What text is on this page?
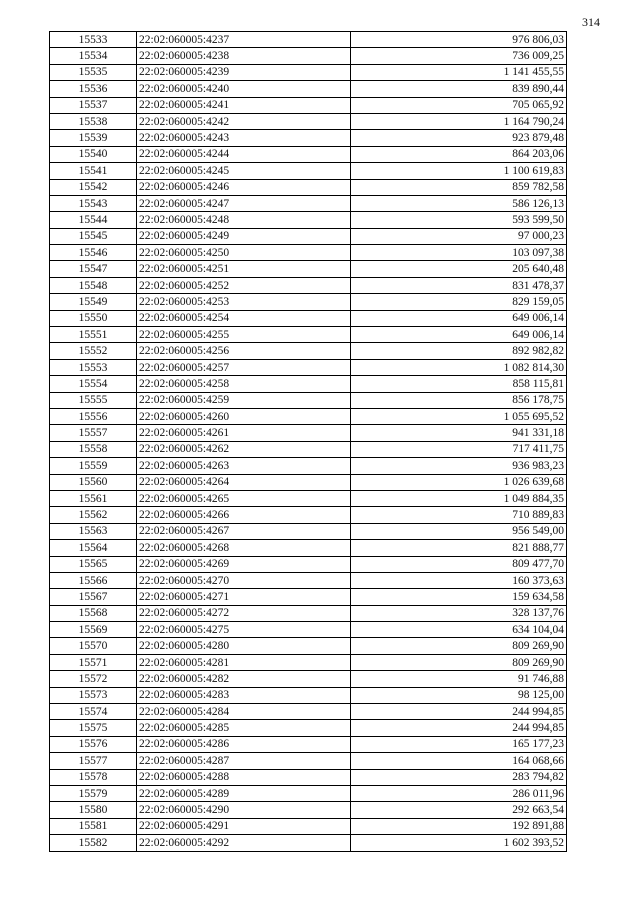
314
15533	22:02:060005:4237	976 806,03
15534	22:02:060005:4238	736 009,25
15535	22:02:060005:4239	1 141 455,55
15536	22:02:060005:4240	839 890,44
15537	22:02:060005:4241	705 065,92
15538	22:02:060005:4242	1 164 790,24
15539	22:02:060005:4243	923 879,48
15540	22:02:060005:4244	864 203,06
15541	22:02:060005:4245	1 100 619,83
15542	22:02:060005:4246	859 782,58
15543	22:02:060005:4247	586 126,13
15544	22:02:060005:4248	593 599,50
15545	22:02:060005:4249	97 000,23
15546	22:02:060005:4250	103 097,38
15547	22:02:060005:4251	205 640,48
15548	22:02:060005:4252	831 478,37
15549	22:02:060005:4253	829 159,05
15550	22:02:060005:4254	649 006,14
15551	22:02:060005:4255	649 006,14
15552	22:02:060005:4256	892 982,82
15553	22:02:060005:4257	1 082 814,30
15554	22:02:060005:4258	858 115,81
15555	22:02:060005:4259	856 178,75
15556	22:02:060005:4260	1 055 695,52
15557	22:02:060005:4261	941 331,18
15558	22:02:060005:4262	717 411,75
15559	22:02:060005:4263	936 983,23
15560	22:02:060005:4264	1 026 639,68
15561	22:02:060005:4265	1 049 884,35
15562	22:02:060005:4266	710 889,83
15563	22:02:060005:4267	956 549,00
15564	22:02:060005:4268	821 888,77
15565	22:02:060005:4269	809 477,70
15566	22:02:060005:4270	160 373,63
15567	22:02:060005:4271	159 634,58
15568	22:02:060005:4272	328 137,76
15569	22:02:060005:4275	634 104,04
15570	22:02:060005:4280	809 269,90
15571	22:02:060005:4281	809 269,90
15572	22:02:060005:4282	91 746,88
15573	22:02:060005:4283	98 125,00
15574	22:02:060005:4284	244 994,85
15575	22:02:060005:4285	244 994,85
15576	22:02:060005:4286	165 177,23
15577	22:02:060005:4287	164 068,66
15578	22:02:060005:4288	283 794,82
15579	22:02:060005:4289	286 011,96
15580	22:02:060005:4290	292 663,54
15581	22:02:060005:4291	192 891,88
15582	22:02:060005:4292	1 602 393,52
